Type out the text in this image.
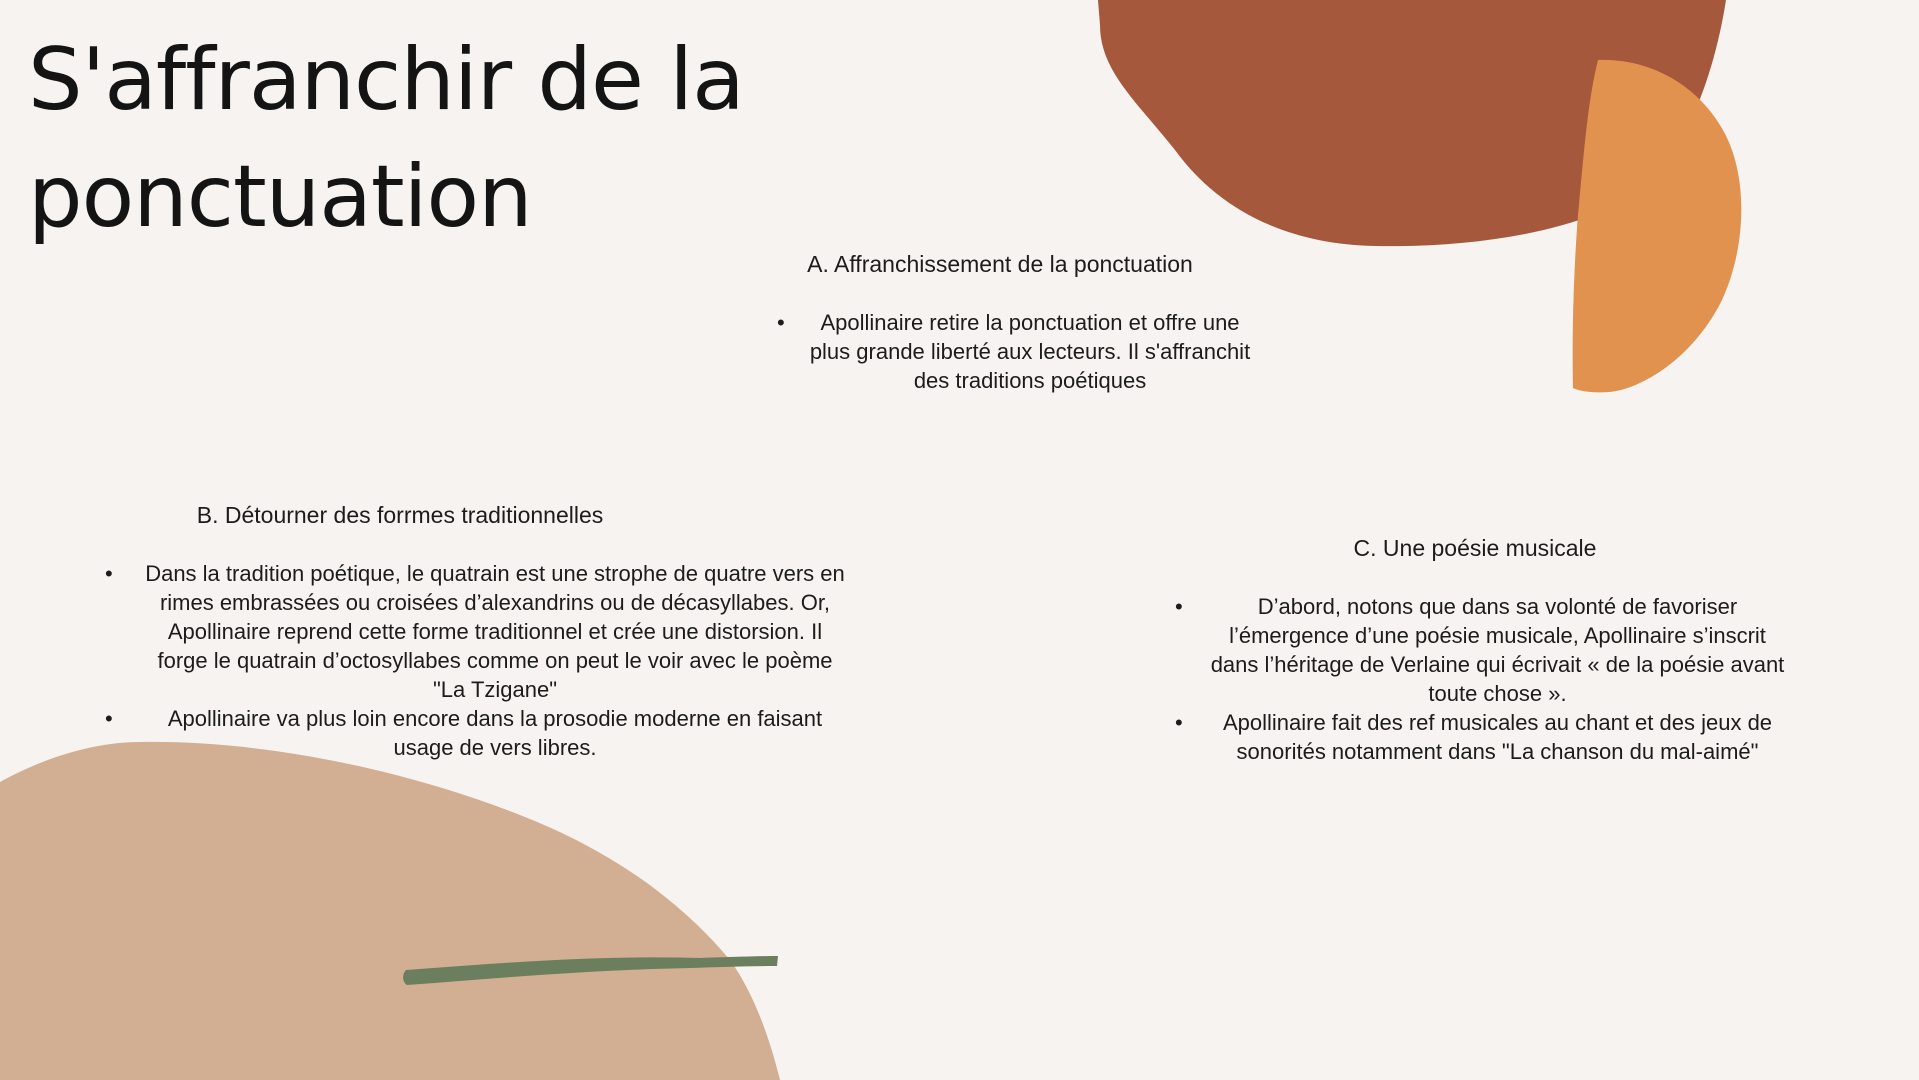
S'affranchir de la ponctuation
A. Affranchissement de la ponctuation
• Apollinaire retire la ponctuation et offre une plus grande liberté aux lecteurs. Il s'affranchit des traditions poétiques
B. Détourner des forrmes traditionnelles
• Dans la tradition poétique, le quatrain est une strophe de quatre vers en rimes embrassées ou croisées d’alexandrins ou de décasyllabes. Or, Apollinaire reprend cette forme traditionnel et crée une distorsion. Il forge le quatrain d’octosyllabes comme on peut le voir avec le poème "La Tzigane"
•	Apollinaire va plus loin encore dans la prosodie moderne en faisant usage de vers libres.
C. Une poésie musicale
•	D’abord, notons que dans sa volonté de favoriser l’émergence d’une poésie musicale, Apollinaire s’inscrit dans l’héritage de Verlaine qui écrivait « de la poésie avant toute chose ».
• Apollinaire fait des ref musicales au chant et des jeux de sonorités notamment dans "La chanson du mal-aimé"
